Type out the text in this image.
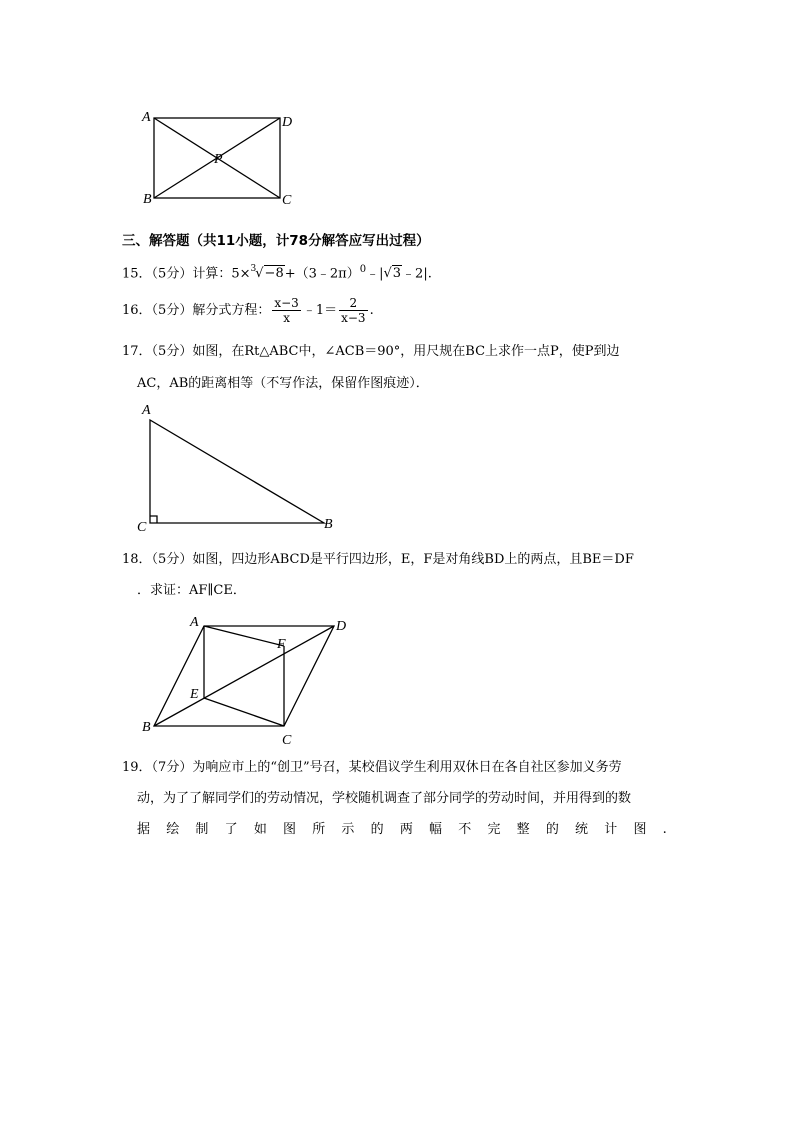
A	D
P
B	C
三、解答题（共11小题，计78分解答应写出过程）
15．（5分）计算：5×$^3$√−8+（3﹣2π）$^0$﹣|√3﹣2|.
16．（5分）解分式方程： $\frac{x-3}{x}$ ﹣1＝ $\frac{2}{x-3}$ .
17．（5分）如图，在Rt△ABC中，∠ACB＝90°，用尺规在BC上求作一点P，使P到边
AC，AB的距离相等（不写作法，保留作图痕迹）．
A
C	B
18．（5分）如图，四边形ABCD是平行四边形，E，F是对角线BD上的两点，且BE＝DF
．求证：AF∥CE．
A	D
F
E
B
C
19．（7分）为响应市上的“创卫”号召，某校倡议学生利用双休日在各自社区参加义务劳
动，为了了解同学们的劳动情况，学校随机调查了部分同学的劳动时间，并用得到的数
据 绘 制 了 如 图 所 示 的 两 幅 不 完 整 的 统 计 图 .
